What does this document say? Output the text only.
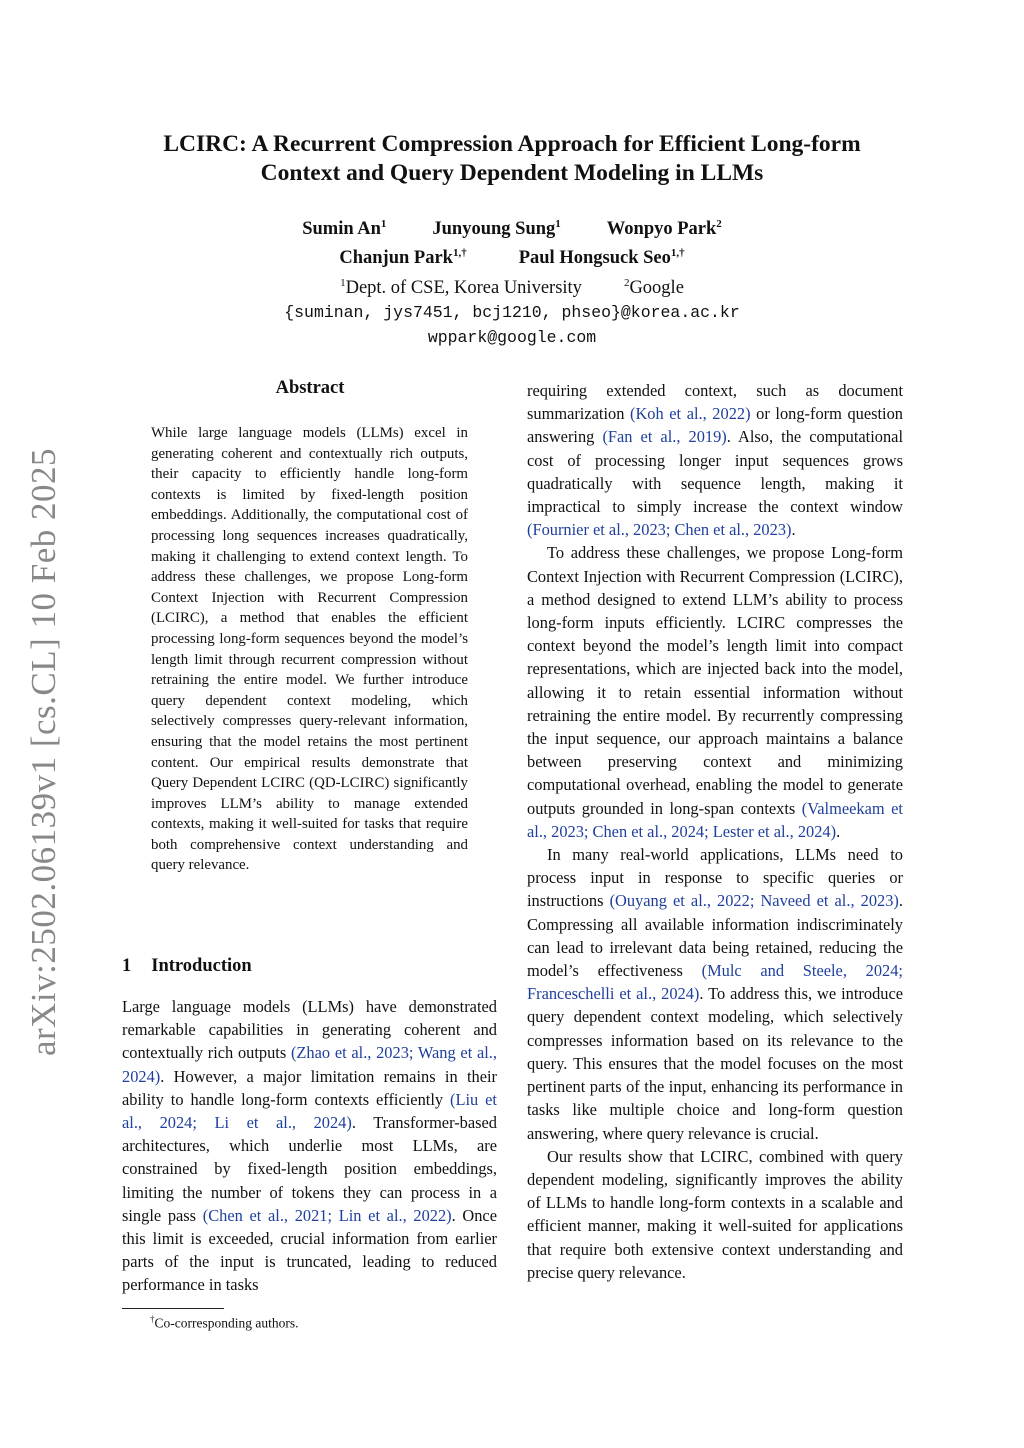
arXiv:2502.06139v1 [cs.CL] 10 Feb 2025
LCIRC: A Recurrent Compression Approach for Efficient Long-form
Context and Query Dependent Modeling in LLMs
Sumin An$^1$ Junyoung Sung$^1$ Wonpyo Park$^2$
Chanjun Park$^{1,\dagger}$	Paul Hongsuck Seo$^{1,\dagger}$
$^1$Dept. of CSE, Korea University	$^2$Google
{suminan, jys7451, bcj1210, phseo}@korea.ac.kr
wppark@google.com
Abstract
While large language models (LLMs) excel in generating coherent and contextually rich outputs, their capacity to efficiently handle long-form contexts is limited by fixed-length position embeddings. Additionally, the computational cost of processing long sequences increases quadratically, making it challenging to extend context length. To address these challenges, we propose Long-form Context Injection with Recurrent Compression (LCIRC), a method that enables the efficient processing long-form sequences beyond the model’s length limit through recurrent compression without retraining the entire model. We further introduce query dependent context modeling, which selectively compresses query-relevant information, ensuring that the model retains the most pertinent content. Our empirical results demonstrate that Query Dependent LCIRC (QD-LCIRC) significantly improves LLM’s ability to manage extended contexts, making it well-suited for tasks that require both comprehensive context understanding and query relevance.
1 Introduction

Large language models (LLMs) have demonstrated remarkable capabilities in generating coherent and contextually rich outputs (Zhao et al., 2023; Wang et al., 2024). However, a major limitation remains in their ability to handle long-form contexts efficiently (Liu et al., 2024; Li et al., 2024). Transformer-based architectures, which underlie most LLMs, are constrained by fixed-length position embeddings, limiting the number of tokens they can process in a single pass (Chen et al., 2021; Lin et al., 2022). Once this limit is exceeded, crucial information from earlier parts of the input is truncated, leading to reduced performance in tasks

requiring extended context, such as document summarization (Koh et al., 2022) or long-form question answering (Fan et al., 2019). Also, the computational cost of processing longer input sequences grows quadratically with sequence length, making it impractical to simply increase the context window (Fournier et al., 2023; Chen et al., 2023).

To address these challenges, we propose Long-form Context Injection with Recurrent Compression (LCIRC), a method designed to extend LLM’s ability to process long-form inputs efficiently. LCIRC compresses the context beyond the model’s length limit into compact representations, which are injected back into the model, allowing it to retain essential information without retraining the entire model. By recurrently compressing the input sequence, our approach maintains a balance between preserving context and minimizing computational overhead, enabling the model to generate outputs grounded in long-span contexts (Valmeekam et al., 2023; Chen et al., 2024; Lester et al., 2024).

In many real-world applications, LLMs need to process input in response to specific queries or instructions (Ouyang et al., 2022; Naveed et al., 2023). Compressing all available information indiscriminately can lead to irrelevant data being retained, reducing the model’s effectiveness (Mulc and Steele, 2024; Franceschelli et al., 2024). To address this, we introduce query dependent context modeling, which selectively compresses information based on its relevance to the query. This ensures that the model focuses on the most pertinent parts of the input, enhancing its performance in tasks like multiple choice and long-form question answering, where query relevance is crucial.

Our results show that LCIRC, combined with query dependent modeling, significantly improves the ability of LLMs to handle long-form contexts in a scalable and efficient manner, making it well-suited for applications that require both extensive context understanding and precise query relevance.

†Co-corresponding authors.
